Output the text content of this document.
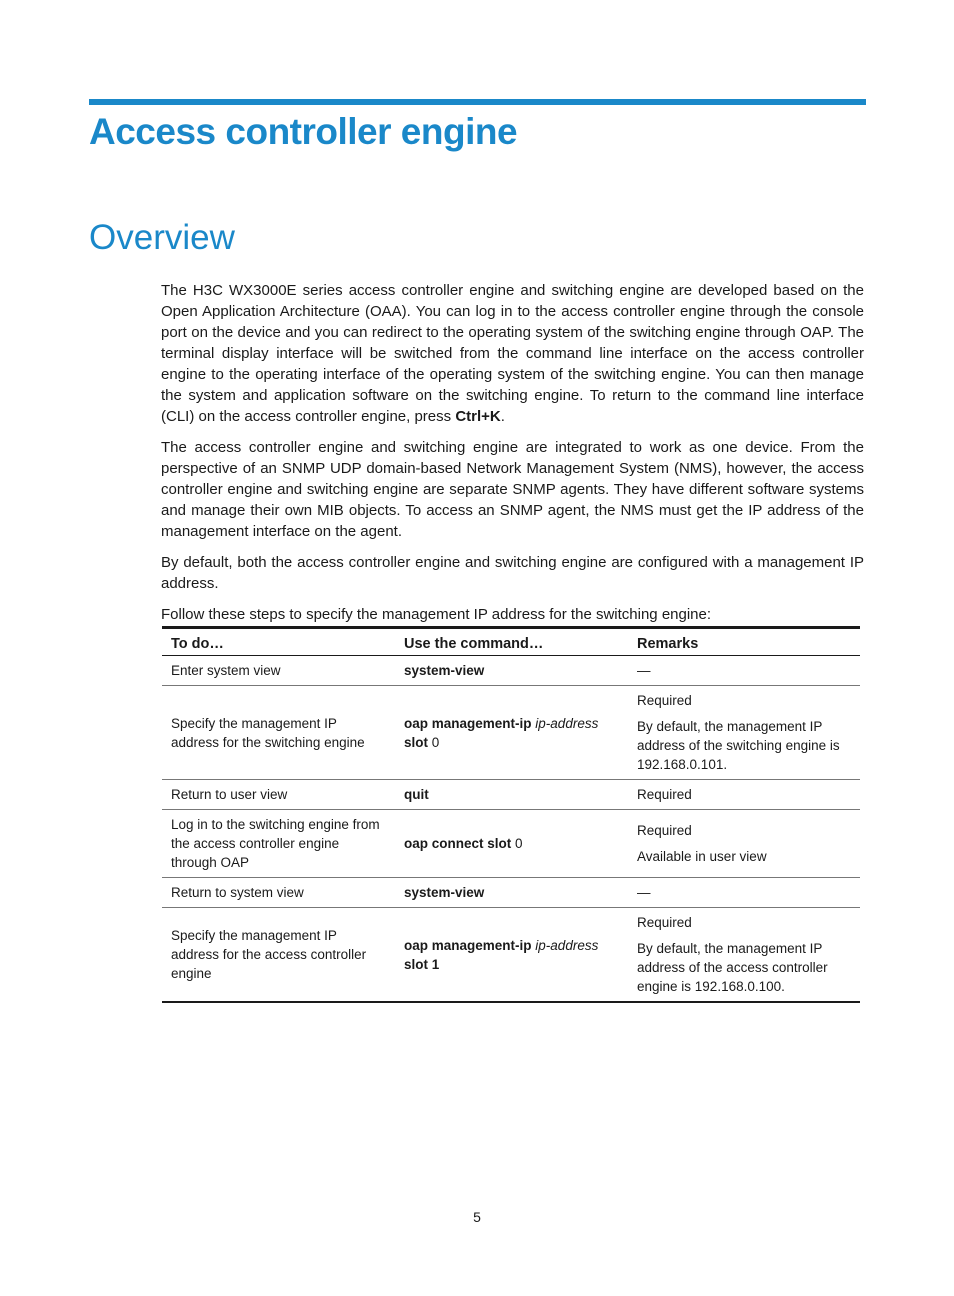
Access controller engine
Overview

The H3C WX3000E series access controller engine and switching engine are developed based on the Open Application Architecture (OAA). You can log in to the access controller engine through the console port on the device and you can redirect to the operating system of the switching engine through OAP. The terminal display interface will be switched from the command line interface on the access controller engine to the operating interface of the operating system of the switching engine. You can then manage the system and application software on the switching engine. To return to the command line interface (CLI) on the access controller engine, press Ctrl+K.

The access controller engine and switching engine are integrated to work as one device. From the perspective of an SNMP UDP domain-based Network Management System (NMS), however, the access controller engine and switching engine are separate SNMP agents. They have different software systems and manage their own MIB objects. To access an SNMP agent, the NMS must get the IP address of the management interface on the agent.

By default, both the access controller engine and switching engine are configured with a management IP address.

Follow these steps to specify the management IP address for the switching engine:

To do…	Use the command…	Remarks
Enter system view	system-view	—

Specify the management IP address for the switching engine	oap management-ip ip-address
slot 0	Required
By default, the management IP address of the switching engine is 192.168.0.101.

Return to user view	quit	Required

Log in to the switching engine from the access controller engine through OAP	oap connect slot 0	Required
Available in user view

Return to system view	system-view	—

Specify the management IP address for the access controller engine	oap management-ip ip-address
slot 1	Required
By default, the management IP address of the access controller engine is 192.168.0.100.
5
